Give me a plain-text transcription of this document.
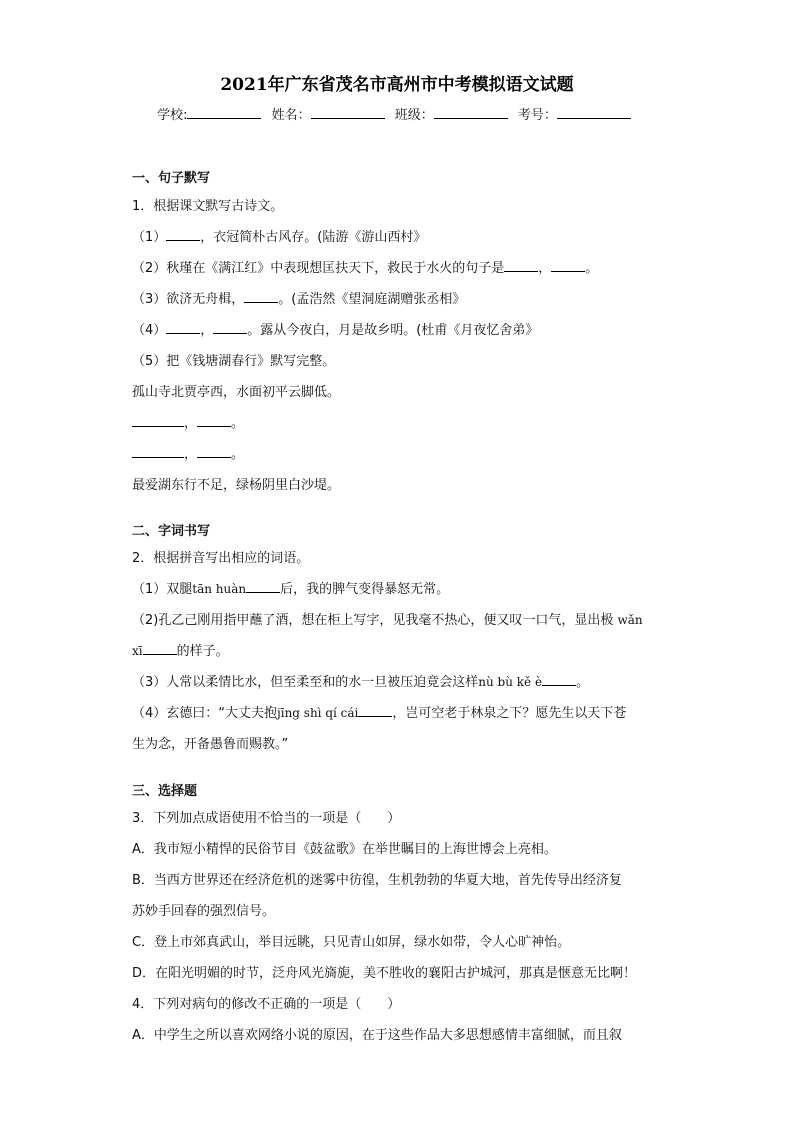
2021年广东省茂名市高州市中考模拟语文试题
学校:	姓名：	班级：	考号：
一、句子默写
1．根据课文默写古诗文。
（1）	，衣冠简朴古风存。(陆游《游山西村》
（2）秋瑾在《满江红》中表现想匡扶天下，救民于水火的句子是	，	。
（3）欲济无舟楫，	。(孟浩然《望洞庭湖赠张丞相》
（4）	，	。露从今夜白，月是故乡明。(杜甫《月夜忆舍弟》
（5）把《钱塘湖春行》默写完整。
孤山寺北贾亭西，水面初平云脚低。
，	。
，	。
最爱湖东行不足，绿杨阴里白沙堤。
二、字词书写
2．根据拼音写出相应的词语。
（1）双腿tān huàn	后，我的脾气变得暴怒无常。
（2)孔乙己刚用指甲蘸了酒，想在柜上写字，见我毫不热心，便又叹一口气，显出极 wǎn
xī	的样子。
（3）人常以柔情比水，但至柔至和的水一旦被压迫竟会这样nù bù kě è	。
（4）玄德曰：“大丈夫抱jīng shì qí cái	，岂可空老于林泉之下？愿先生以天下苍
生为念，开备愚鲁而赐教。”
三、选择题
3．下列加点成语使用不恰当的一项是（　　）
A．我市短小精悍的民俗节目《鼓盆歌》在举世瞩目的上海世博会上亮相。
B．当西方世界还在经济危机的迷雾中彷徨，生机勃勃的华夏大地，首先传导出经济复
苏妙手回春的强烈信号。
C．登上市郊真武山，举目远眺，只见青山如屏，绿水如带，令人心旷神怡。
D．在阳光明媚的时节，泛舟风光旖旎，美不胜收的襄阳古护城河，那真是惬意无比啊！
4．下列对病句的修改不正确的一项是（　　）
A．中学生之所以喜欢网络小说的原因，在于这些作品大多思想感情丰富细腻，而且叙
